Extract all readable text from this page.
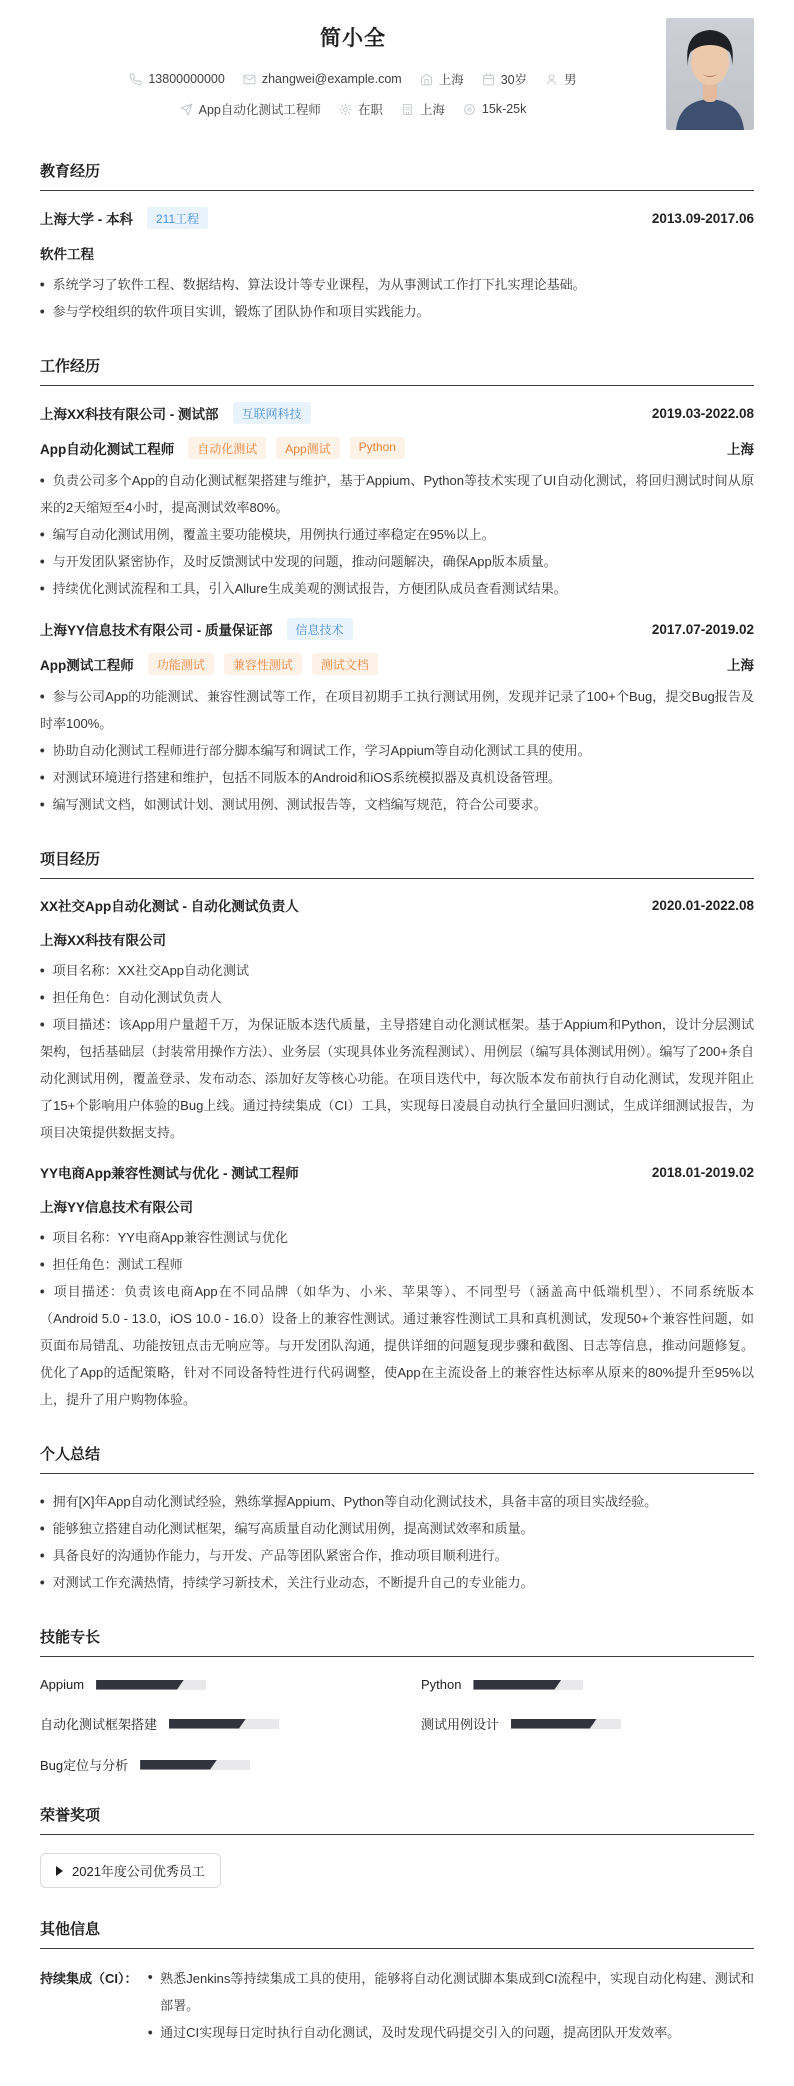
简小全
13800000000	zhangwei@example.com	上海	30岁	男
App自动化测试工程师	在职	上海	15k-25k
教育经历
上海大学 - 本科	211工程	2013.09-2017.06
软件工程
• 系统学习了软件工程、数据结构、算法设计等专业课程，为从事测试工作打下扎实理论基础。
• 参与学校组织的软件项目实训，锻炼了团队协作和项目实践能力。
工作经历
上海XX科技有限公司 - 测试部	互联网科技	2019.03-2022.08
App自动化测试工程师	自动化测试	App测试	Python	上海
• 负责公司多个App的自动化测试框架搭建与维护，基于Appium、Python等技术实现了UI自动化测试，将回归测试时间从原来的2天缩短至4小时，提高测试效率80%。
• 编写自动化测试用例，覆盖主要功能模块，用例执行通过率稳定在95%以上。
• 与开发团队紧密协作，及时反馈测试中发现的问题，推动问题解决，确保App版本质量。
• 持续优化测试流程和工具，引入Allure生成美观的测试报告，方便团队成员查看测试结果。
上海YY信息技术有限公司 - 质量保证部	信息技术	2017.07-2019.02
App测试工程师	功能测试	兼容性测试	测试文档	上海
• 参与公司App的功能测试、兼容性测试等工作，在项目初期手工执行测试用例，发现并记录了100+个Bug，提交Bug报告及时率100%。
• 协助自动化测试工程师进行部分脚本编写和调试工作，学习Appium等自动化测试工具的使用。
• 对测试环境进行搭建和维护，包括不同版本的Android和iOS系统模拟器及真机设备管理。
• 编写测试文档，如测试计划、测试用例、测试报告等，文档编写规范，符合公司要求。
项目经历
XX社交App自动化测试 - 自动化测试负责人	2020.01-2022.08
上海XX科技有限公司
• 项目名称：XX社交App自动化测试
• 担任角色：自动化测试负责人
• 项目描述：该App用户量超千万，为保证版本迭代质量，主导搭建自动化测试框架。基于Appium和Python，设计分层测试架构，包括基础层（封装常用操作方法）、业务层（实现具体业务流程测试）、用例层（编写具体测试用例）。编写了200+条自动化测试用例，覆盖登录、发布动态、添加好友等核心功能。在项目迭代中，每次版本发布前执行自动化测试，发现并阻止了15+个影响用户体验的Bug上线。通过持续集成（CI）工具，实现每日凌晨自动执行全量回归测试，生成详细测试报告，为项目决策提供数据支持。
YY电商App兼容性测试与优化 - 测试工程师	2018.01-2019.02
上海YY信息技术有限公司
• 项目名称：YY电商App兼容性测试与优化
• 担任角色：测试工程师
• 项目描述：负责该电商App在不同品牌（如华为、小米、苹果等）、不同型号（涵盖高中低端机型）、不同系统版本（Android 5.0 - 13.0，iOS 10.0 - 16.0）设备上的兼容性测试。通过兼容性测试工具和真机测试，发现50+个兼容性问题，如页面布局错乱、功能按钮点击无响应等。与开发团队沟通，提供详细的问题复现步骤和截图、日志等信息，推动问题修复。优化了App的适配策略，针对不同设备特性进行代码调整，使App在主流设备上的兼容性达标率从原来的80%提升至95%以上，提升了用户购物体验。
个人总结
• 拥有[X]年App自动化测试经验，熟练掌握Appium、Python等自动化测试技术，具备丰富的项目实战经验。
• 能够独立搭建自动化测试框架，编写高质量自动化测试用例，提高测试效率和质量。
• 具备良好的沟通协作能力，与开发、产品等团队紧密合作，推动项目顺利进行。
• 对测试工作充满热情，持续学习新技术，关注行业动态，不断提升自己的专业能力。
技能专长
Appium	Python
自动化测试框架搭建	测试用例设计
Bug定位与分析
荣誉奖项
2021年度公司优秀员工
其他信息
持续集成（CI）： • 熟悉Jenkins等持续集成工具的使用，能够将自动化测试脚本集成到CI流程中，实现自动化构建、测试和部署。
• 通过CI实现每日定时执行自动化测试，及时发现代码提交引入的问题，提高团队开发效率。
